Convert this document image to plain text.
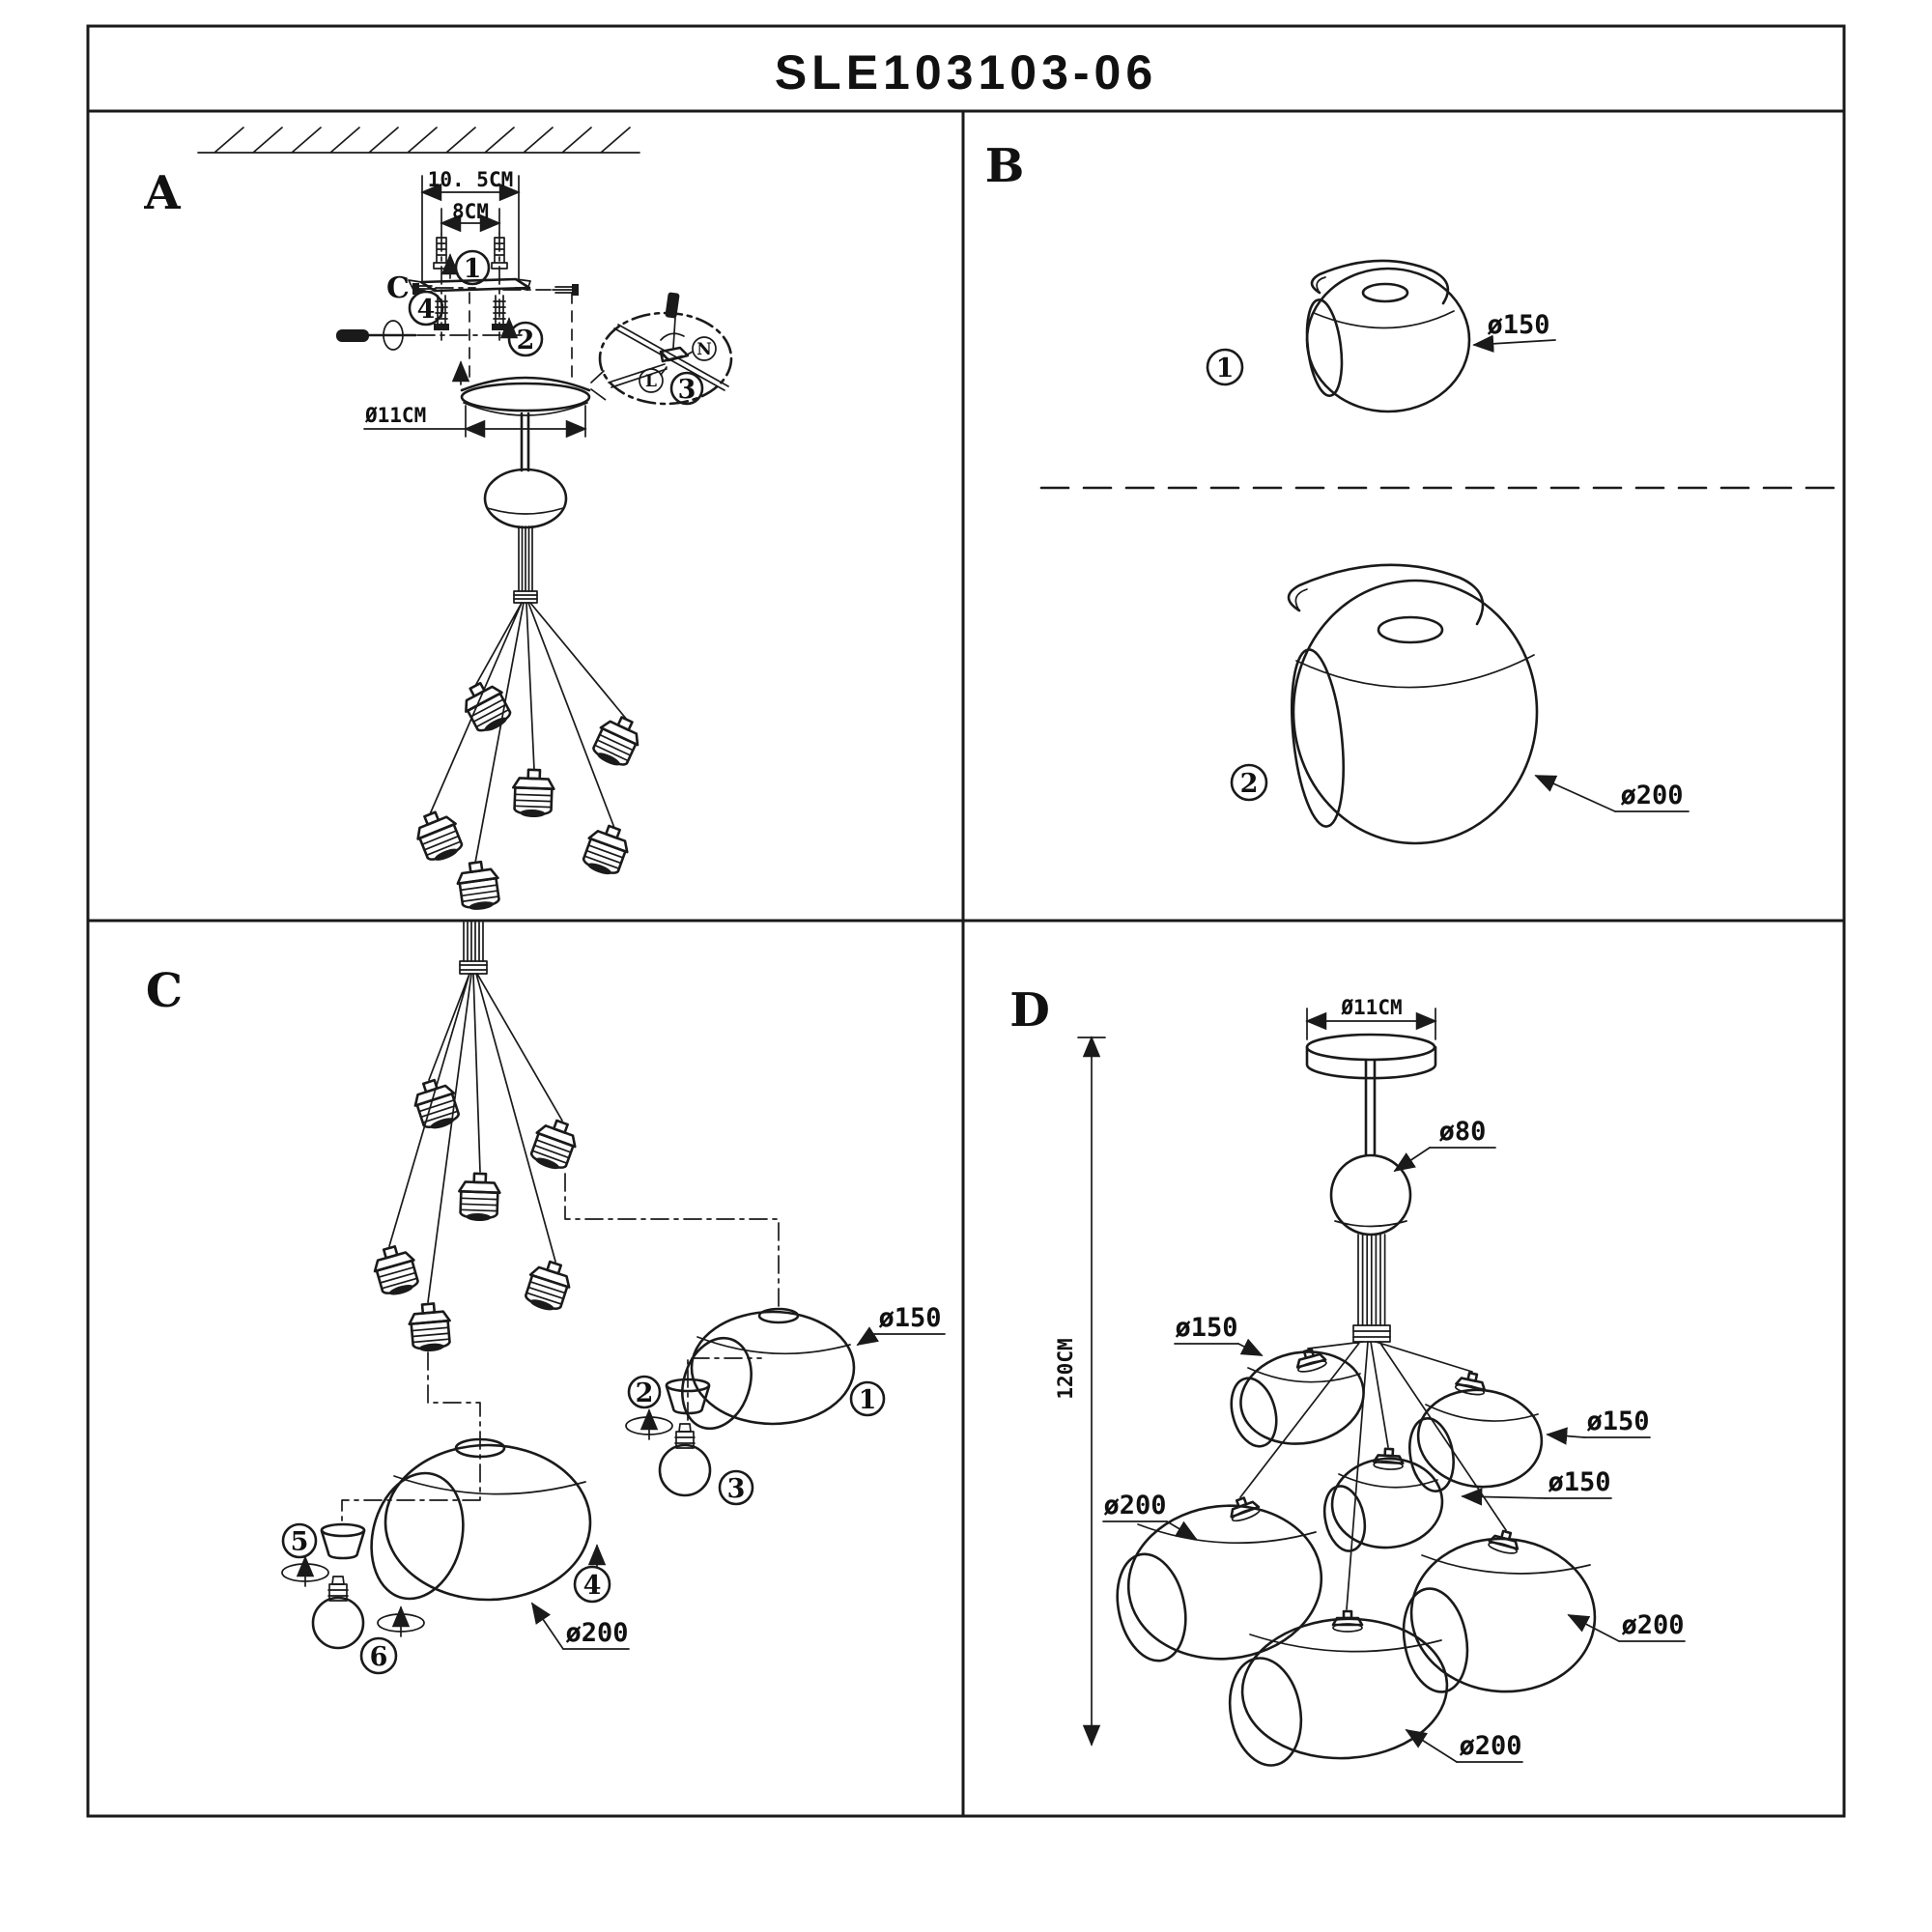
SLE103103-06
A	10. 5CM
8CM
1
2
C
4
Ø11CM
N
L 3
B
1
ø150
2	ø200
C
ø150
1
2
3
4
ø200
5
6
D
120CM
Ø11CM
ø80
ø150
ø200
ø150
ø150
ø200
ø200
